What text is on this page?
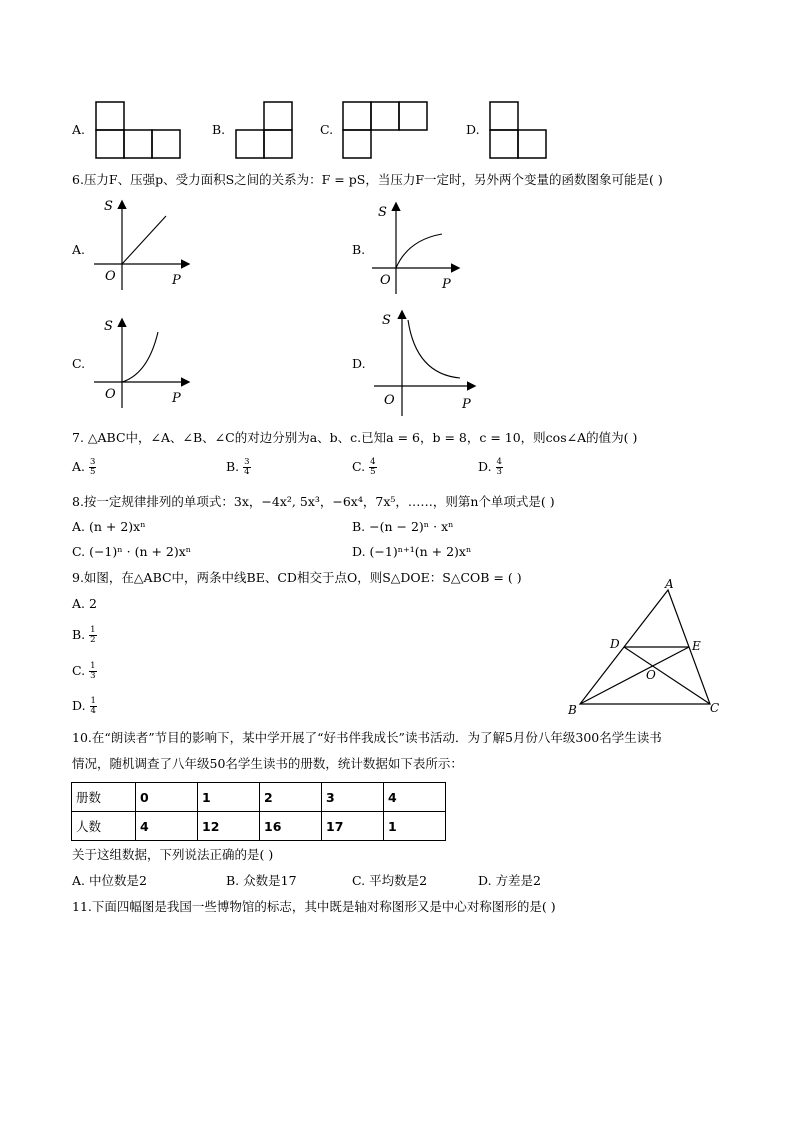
A.	B.	C.	D.
6.压力F、压强p、受力面积S之间的关系为：F = pS，当压力F一定时，另外两个变量的函数图象可能是( )
A.
S
P
O
B.
S
P
O
C.
S
P
O
D.
S
P
O
7. △ABC中，∠A、∠B、∠C的对边分别为a、b、c.已知a = 6，b = 8，c = 10，则cos∠A的值为( )
A. $\frac{3}{5}$	B. $\frac{3}{4}$	C. $\frac{4}{5}$	D. $\frac{4}{3}$
8.按一定规律排列的单项式：3x，−4x², 5x³，−6x⁴，7x⁵，……，则第n个单项式是( )
A. (n + 2)xⁿ	B. −(n − 2)ⁿ · xⁿ
C. (−1)ⁿ · (n + 2)xⁿ	D. (−1)ⁿ⁺¹(n + 2)xⁿ
9.如图，在△ABC中，两条中线BE、CD相交于点O，则S△DOE：S△COB = ( )
A. 2
B. $\frac{1}{2}$
C. $\frac{1}{3}$
D. $\frac{1}{4}$
A
B	C
D	E
O
10.在“朗读者”节目的影响下，某中学开展了“好书伴我成长”读书活动．为了解5月份八年级300名学生读书
情况，随机调查了八年级50名学生读书的册数，统计数据如下表所示：
册数	0	1	2	3	4
人数	4	12	16	17	1
关于这组数据，下列说法正确的是( )
A. 中位数是2	B. 众数是17	C. 平均数是2	D. 方差是2
11.下面四幅图是我国一些博物馆的标志，其中既是轴对称图形又是中心对称图形的是( )
